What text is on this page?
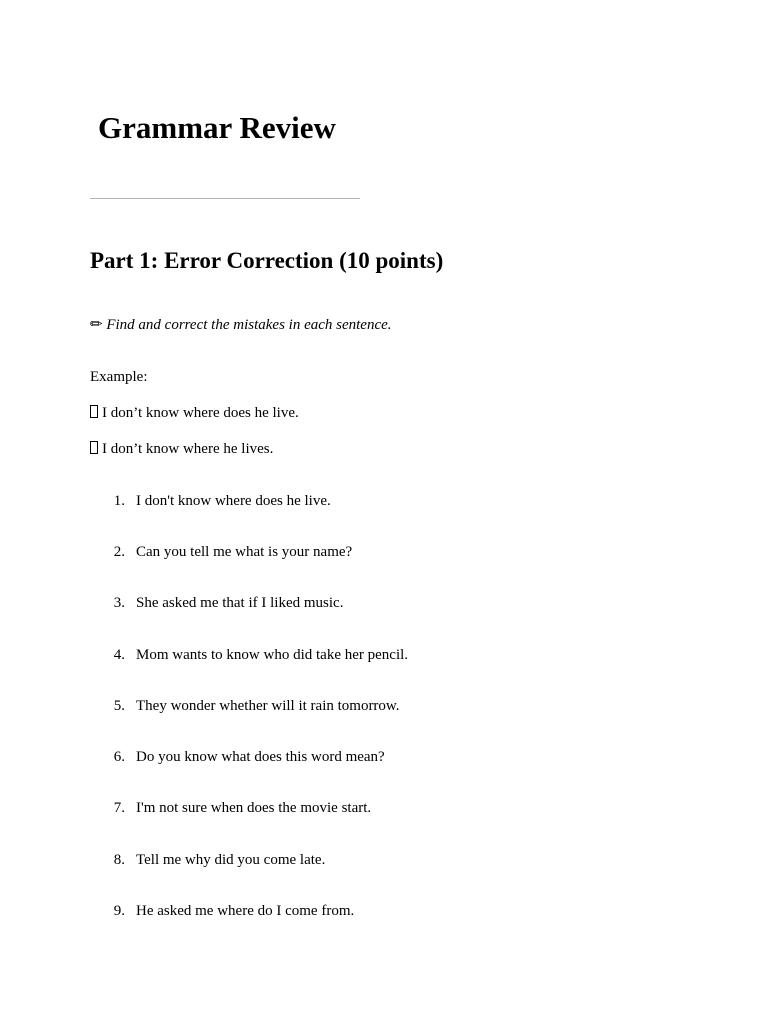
Grammar Review
Part 1: Error Correction (10 points)
✏ Find and correct the mistakes in each sentence.
Example:
I don’t know where does he live.
I don’t know where he lives.
1. I don't know where does he live.
2. Can you tell me what is your name?
3. She asked me that if I liked music.
4. Mom wants to know who did take her pencil.
5. They wonder whether will it rain tomorrow.
6. Do you know what does this word mean?
7. I'm not sure when does the movie start.
8. Tell me why did you come late.
9. He asked me where do I come from.
